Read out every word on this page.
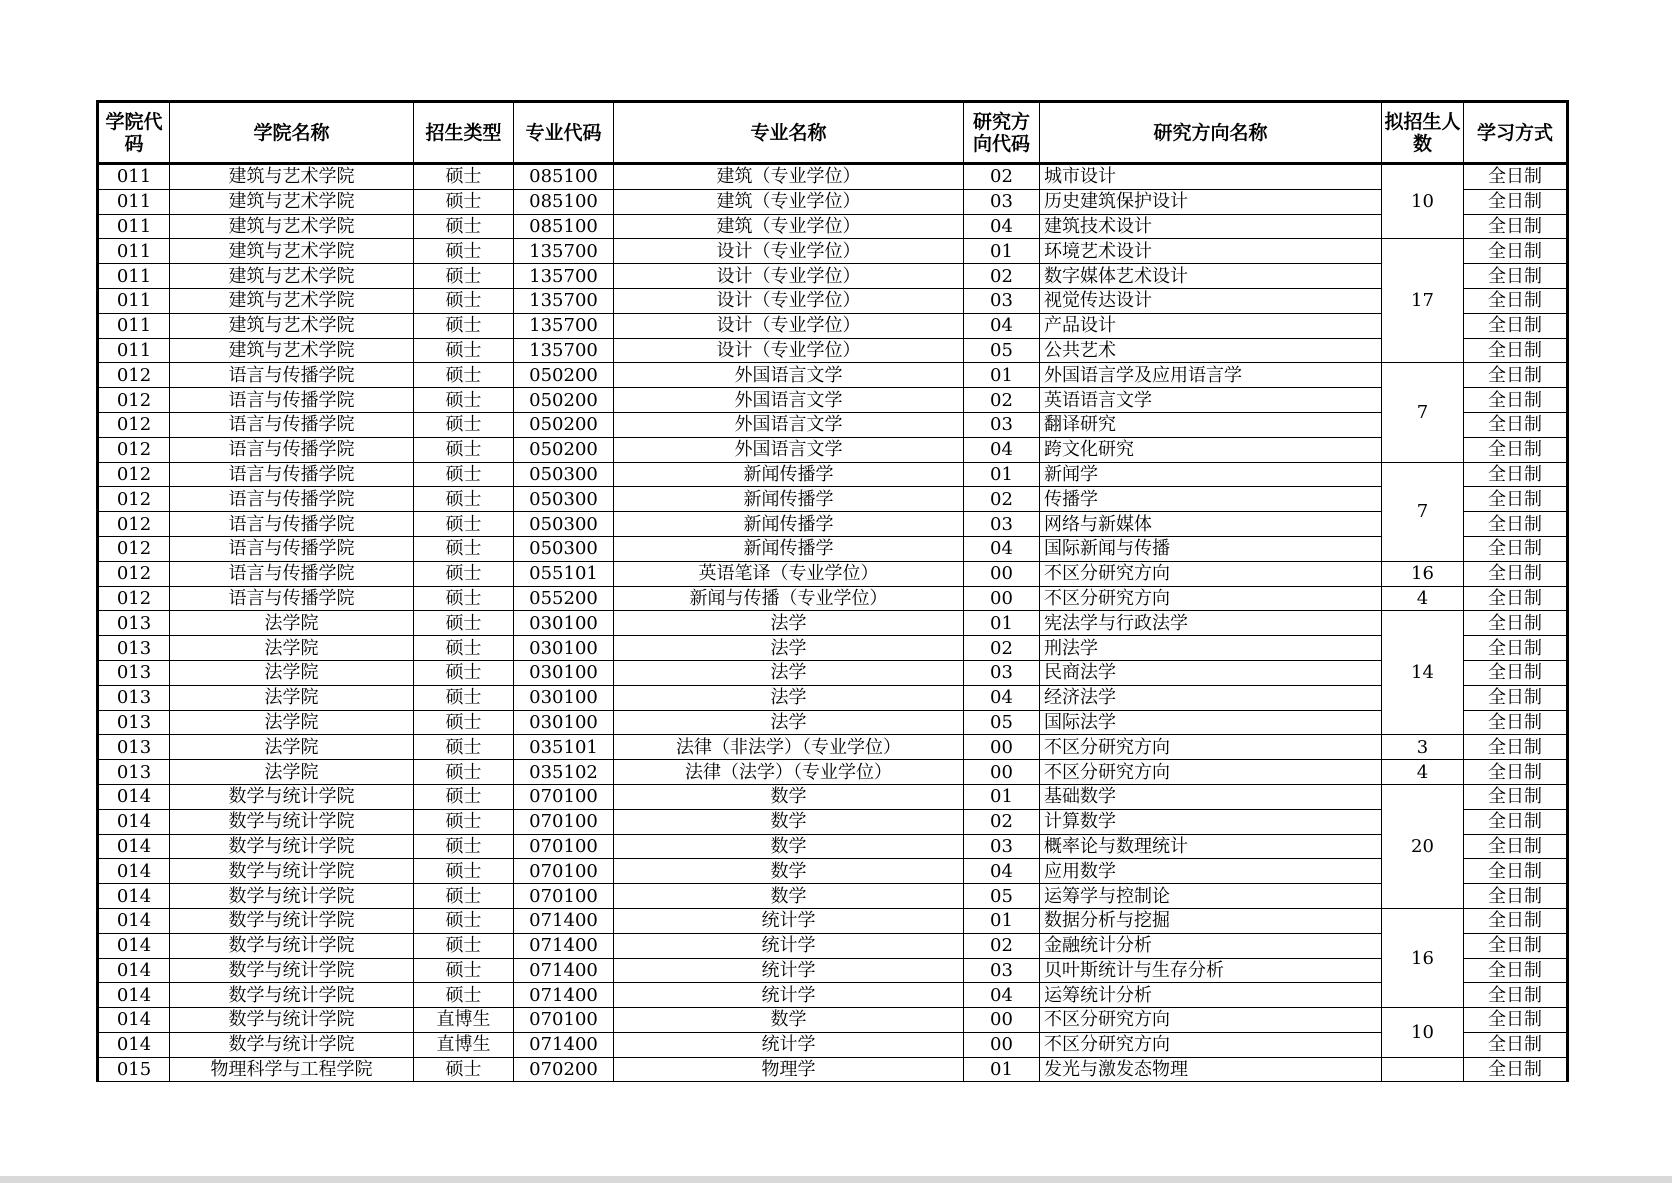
学院代码	学院名称	招生类型	专业代码	专业名称	研究方向代码	研究方向名称	拟招生人数	学习方式
011	建筑与艺术学院	硕士	085100	建筑（专业学位）	02	城市设计	10	全日制
011	建筑与艺术学院	硕士	085100	建筑（专业学位）	03	历史建筑保护设计		全日制
011	建筑与艺术学院	硕士	085100	建筑（专业学位）	04	建筑技术设计		全日制
011	建筑与艺术学院	硕士	135700	设计（专业学位）	01	环境艺术设计	17	全日制
011	建筑与艺术学院	硕士	135700	设计（专业学位）	02	数字媒体艺术设计		全日制
011	建筑与艺术学院	硕士	135700	设计（专业学位）	03	视觉传达设计		全日制
011	建筑与艺术学院	硕士	135700	设计（专业学位）	04	产品设计		全日制
011	建筑与艺术学院	硕士	135700	设计（专业学位）	05	公共艺术		全日制
012	语言与传播学院	硕士	050200	外国语言文学	01	外国语言学及应用语言学	7	全日制
012	语言与传播学院	硕士	050200	外国语言文学	02	英语语言文学		全日制
012	语言与传播学院	硕士	050200	外国语言文学	03	翻译研究		全日制
012	语言与传播学院	硕士	050200	外国语言文学	04	跨文化研究		全日制
012	语言与传播学院	硕士	050300	新闻传播学	01	新闻学	7	全日制
012	语言与传播学院	硕士	050300	新闻传播学	02	传播学		全日制
012	语言与传播学院	硕士	050300	新闻传播学	03	网络与新媒体		全日制
012	语言与传播学院	硕士	050300	新闻传播学	04	国际新闻与传播		全日制
012	语言与传播学院	硕士	055101	英语笔译（专业学位）	00	不区分研究方向	16	全日制
012	语言与传播学院	硕士	055200	新闻与传播（专业学位）	00	不区分研究方向	4	全日制
013	法学院	硕士	030100	法学	01	宪法学与行政法学	14	全日制
013	法学院	硕士	030100	法学	02	刑法学		全日制
013	法学院	硕士	030100	法学	03	民商法学		全日制
013	法学院	硕士	030100	法学	04	经济法学		全日制
013	法学院	硕士	030100	法学	05	国际法学		全日制
013	法学院	硕士	035101	法律（非法学）（专业学位）	00	不区分研究方向	3	全日制
013	法学院	硕士	035102	法律（法学）（专业学位）	00	不区分研究方向	4	全日制
014	数学与统计学院	硕士	070100	数学	01	基础数学	20	全日制
014	数学与统计学院	硕士	070100	数学	02	计算数学		全日制
014	数学与统计学院	硕士	070100	数学	03	概率论与数理统计		全日制
014	数学与统计学院	硕士	070100	数学	04	应用数学		全日制
014	数学与统计学院	硕士	070100	数学	05	运筹学与控制论		全日制
014	数学与统计学院	硕士	071400	统计学	01	数据分析与挖掘	16	全日制
014	数学与统计学院	硕士	071400	统计学	02	金融统计分析		全日制
014	数学与统计学院	硕士	071400	统计学	03	贝叶斯统计与生存分析		全日制
014	数学与统计学院	硕士	071400	统计学	04	运筹统计分析		全日制
014	数学与统计学院	直博生	070100	数学	00	不区分研究方向	10	全日制
014	数学与统计学院	直博生	071400	统计学	00	不区分研究方向		全日制
015	物理科学与工程学院	硕士	070200	物理学	01	发光与激发态物理		全日制
